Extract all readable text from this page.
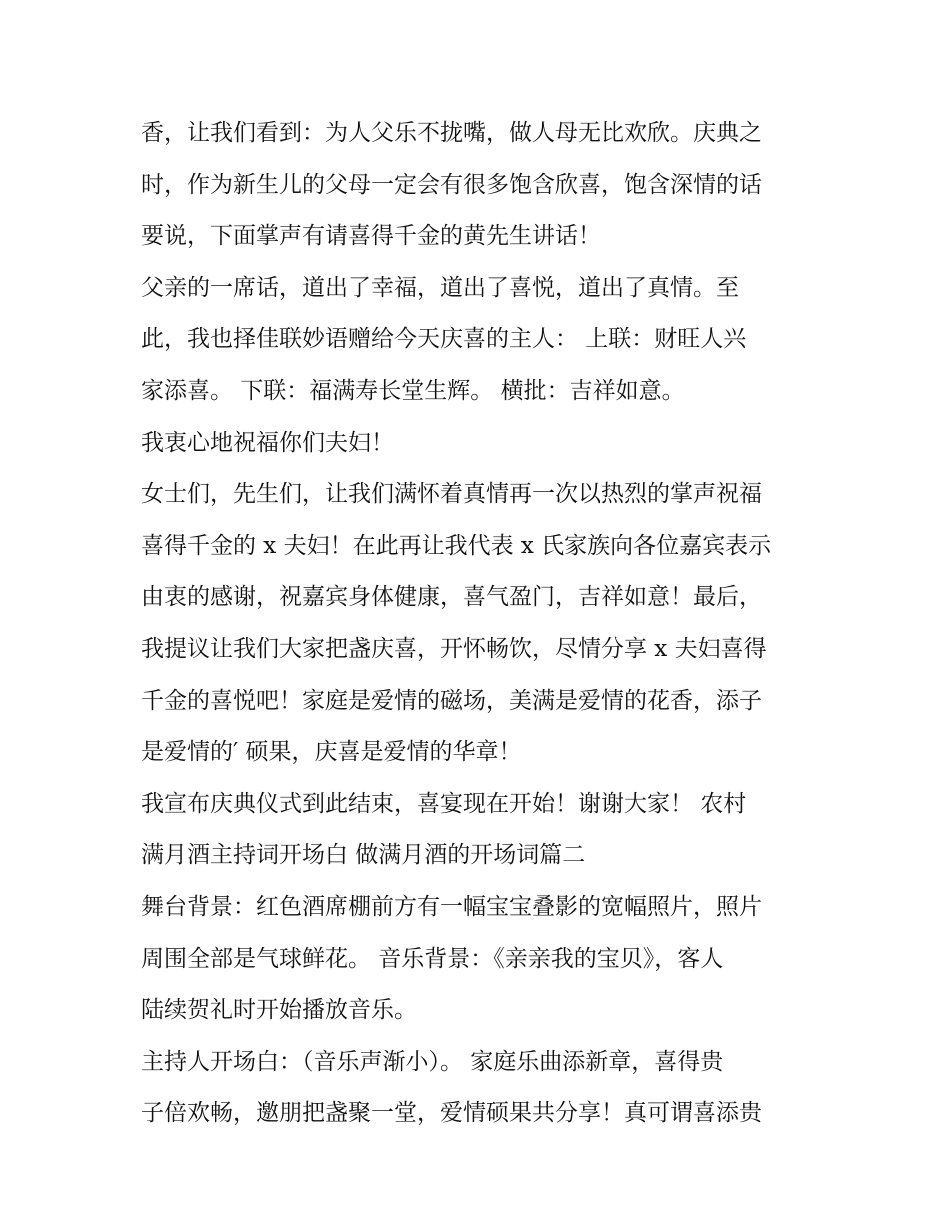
香，让我们看到：为人父乐不拢嘴，做人母无比欢欣。庆典之
时，作为新生儿的父母一定会有很多饱含欣喜，饱含深情的话
要说，下面掌声有请喜得千金的黄先生讲话！
父亲的一席话，道出了幸福，道出了喜悦，道出了真情。至
此，我也择佳联妙语赠给今天庆喜的主人： 上联：财旺人兴
家添喜。 下联：福满寿长堂生辉。 横批：吉祥如意。
我衷心地祝福你们夫妇！
女士们，先生们，让我们满怀着真情再一次以热烈的掌声祝福
喜得千金的 x 夫妇！在此再让我代表 x 氏家族向各位嘉宾表示
由衷的感谢，祝嘉宾身体健康，喜气盈门，吉祥如意！最后，
我提议让我们大家把盏庆喜，开怀畅饮，尽情分享 x 夫妇喜得
千金的喜悦吧！家庭是爱情的磁场，美满是爱情的花香，添子
是爱情的′ 硕果，庆喜是爱情的华章！
我宣布庆典仪式到此结束，喜宴现在开始！谢谢大家！ 农村
满月酒主持词开场白 做满月酒的开场词篇二
舞台背景：红色酒席棚前方有一幅宝宝叠影的宽幅照片，照片
周围全部是气球鲜花。 音乐背景：《亲亲我的宝贝》，客人
陆续贺礼时开始播放音乐。
主持人开场白：（音乐声渐小）。 家庭乐曲添新章，喜得贵
子倍欢畅，邀朋把盏聚一堂，爱情硕果共分享！真可谓喜添贵
